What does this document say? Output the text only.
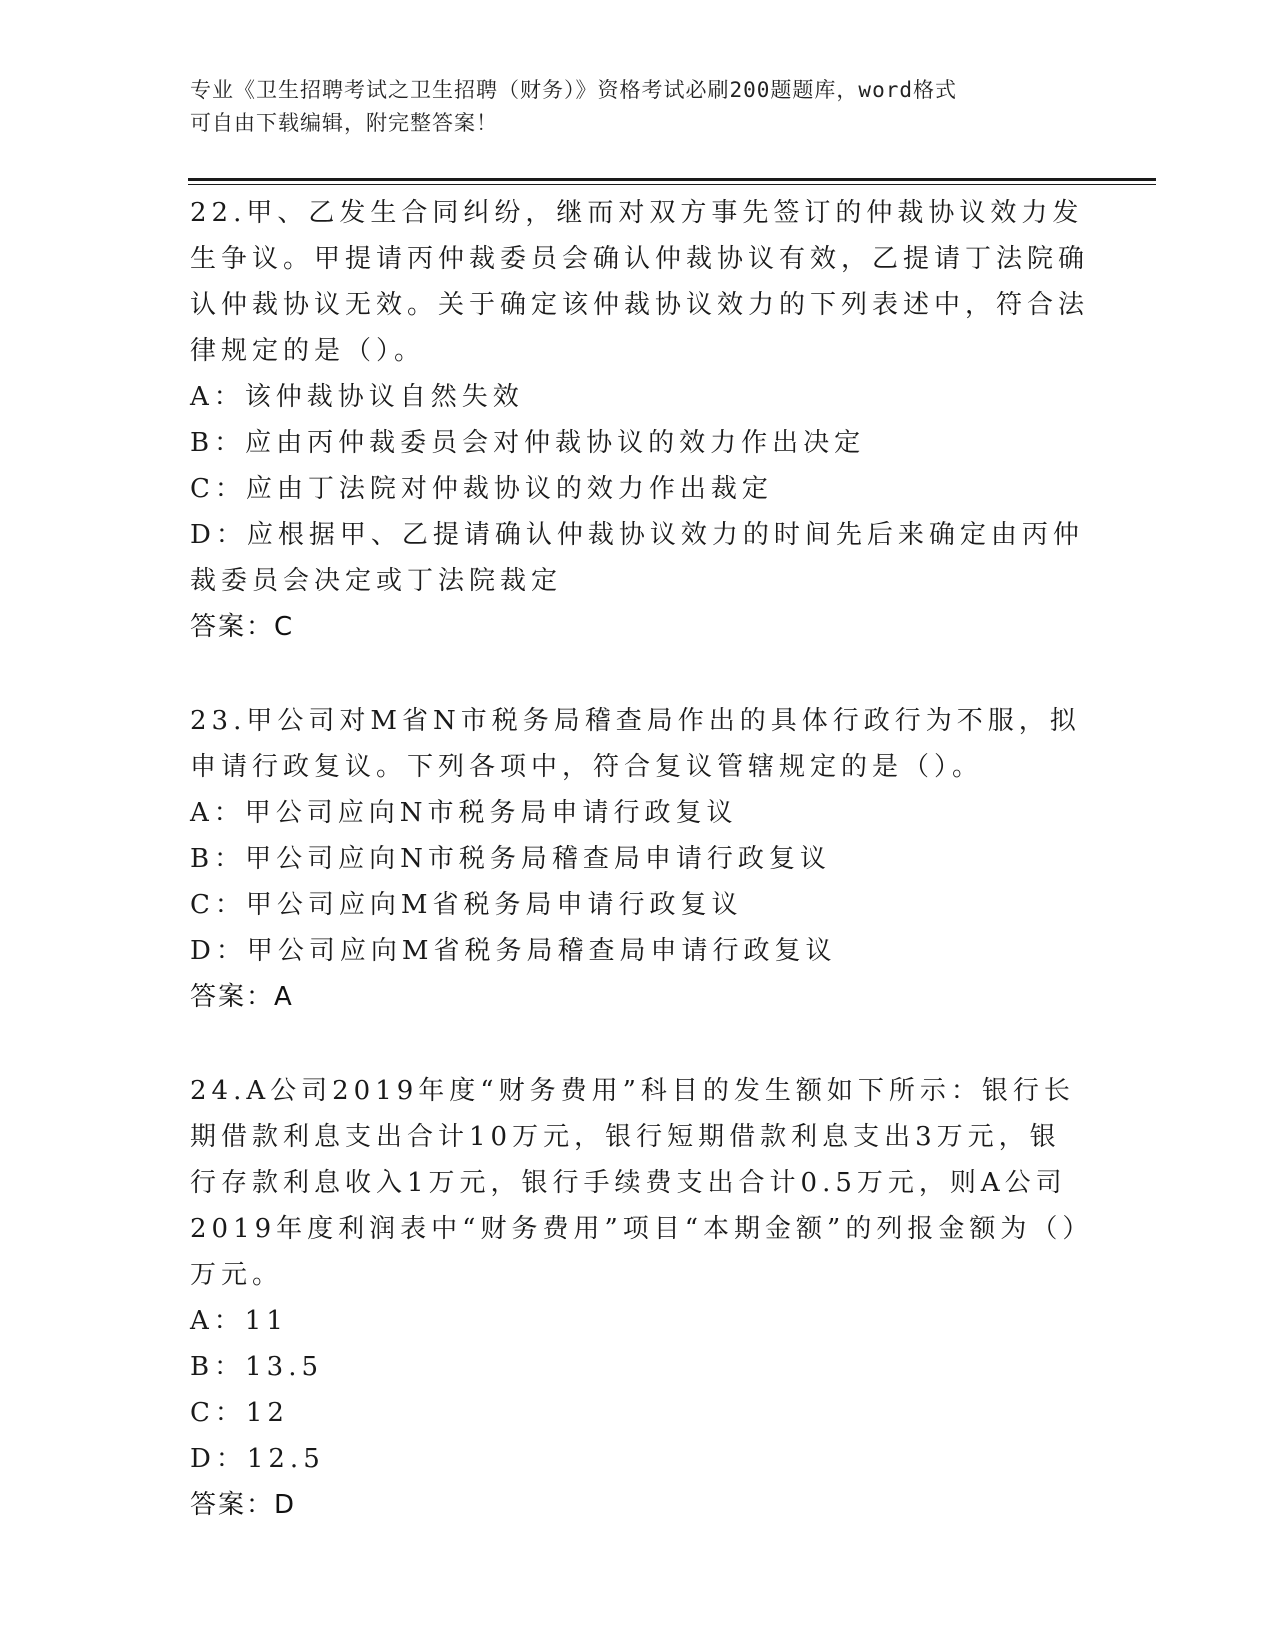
专业《卫生招聘考试之卫生招聘（财务）》资格考试必刷200题题库，word格式
可自由下载编辑，附完整答案！

22.甲、乙发生合同纠纷，继而对双方事先签订的仲裁协议效力发生争议。甲提请丙仲裁委员会确认仲裁协议有效，乙提请丁法院确认仲裁协议无效。关于确定该仲裁协议效力的下列表述中，符合法律规定的是（）。

A：该仲裁协议自然失效

B：应由丙仲裁委员会对仲裁协议的效力作出决定

C：应由丁法院对仲裁协议的效力作出裁定

D：应根据甲、乙提请确认仲裁协议效力的时间先后来确定由丙仲裁委员会决定或丁法院裁定

答案：C

23.甲公司对M省N市税务局稽查局作出的具体行政行为不服，拟申请行政复议。下列各项中，符合复议管辖规定的是（）。

A：甲公司应向N市税务局申请行政复议

B：甲公司应向N市税务局稽查局申请行政复议

C：甲公司应向M省税务局申请行政复议

D：甲公司应向M省税务局稽查局申请行政复议

答案：A

24.A公司2019年度“财务费用”科目的发生额如下所示：银行长期借款利息支出合计10万元，银行短期借款利息支出3万元，银行存款利息收入1万元，银行手续费支出合计0.5万元，则A公司2019年度利润表中“财务费用”项目“本期金额”的列报金额为（）万元。

A：11

B：13.5

C：12

D：12.5

答案：D
